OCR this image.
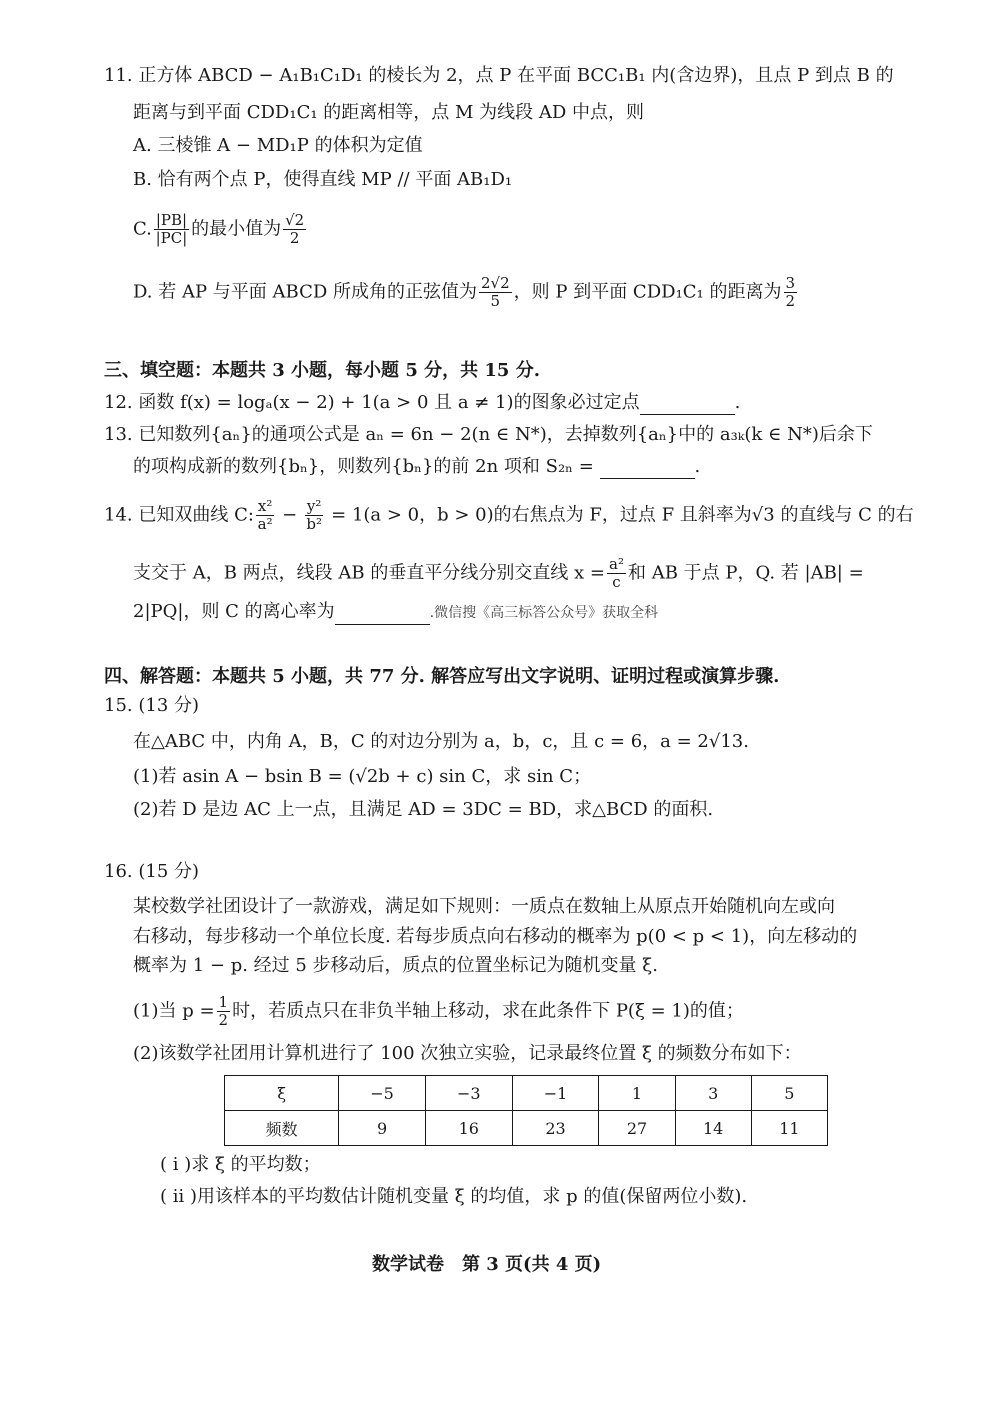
11. 正方体 ABCD − A₁B₁C₁D₁ 的棱长为 2，点 P 在平面 BCC₁B₁ 内(含边界)，且点 P 到点 B 的
距离与到平面 CDD₁C₁ 的距离相等，点 M 为线段 AD 中点，则
A. 三棱锥 A − MD₁P 的体积为定值
B. 恰有两个点 P，使得直线 MP // 平面 AB₁D₁
C. $\frac{|PB|}{|PC|}$ 的最小值为 $\frac{√2}{2}$
D. 若 AP 与平面 ABCD 所成角的正弦值为 $\frac{2√2}{5}$ ，则 P 到平面 CDD₁C₁ 的距离为 $\frac{3}{2}$
三、填空题：本题共 3 小题，每小题 5 分，共 15 分.
12. 函数 f(x) = logₐ(x − 2) + 1(a > 0 且 a ≠ 1)的图象必过定点	.
13. 已知数列{aₙ}的通项公式是 aₙ = 6n − 2(n ∈ N*)，去掉数列{aₙ}中的 a₃ₖ(k ∈ N*)后余下
的项构成新的数列{bₙ}，则数列{bₙ}的前 2n 项和 S₂ₙ =	.
14. 已知双曲线 C: $\frac{\text{x²}}{\text{a²}} - \frac{\text{y²}}{\text{b²}} = 1(a > 0$，b > 0)的右焦点为 F，过点 F 且斜率为√3 的直线与 C 的右
支交于 A，B 两点，线段 AB 的垂直平分线分别交直线 $x = \frac{\text{a²}}{c}$ 和 AB 于点 P，Q. 若 |AB| =
2|PQ|，则 C 的离心率为	.微信搜《高三标答公众号》获取全科
四、解答题：本题共 5 小题，共 77 分. 解答应写出文字说明、证明过程或演算步骤.
15. (13 分)
在△ABC 中，内角 A，B，C 的对边分别为 a，b，c，且 c = 6，a = 2√13.
(1)若 asin A − bsin B = (√2b + c) sin C，求 sin C；
(2)若 D 是边 AC 上一点，且满足 AD = 3DC = BD，求△BCD 的面积.
16. (15 分)
某校数学社团设计了一款游戏，满足如下规则：一质点在数轴上从原点开始随机向左或向
右移动，每步移动一个单位长度. 若每步质点向右移动的概率为 p(0 < p < 1)，向左移动的
概率为 1 − p. 经过 5 步移动后，质点的位置坐标记为随机变量 ξ.
(1)当 $p = \frac{1}{2}$ 时，若质点只在非负半轴上移动，求在此条件下 P(ξ = 1)的值；
(2)该数学社团用计算机进行了 100 次独立实验，记录最终位置 ξ 的频数分布如下：
ξ	−5	−3	−1	1	3	5
频数	9	16	23	27	14	11
( i )求 ξ 的平均数；
( ii )用该样本的平均数估计随机变量 ξ 的均值，求 p 的值(保留两位小数).
数学试卷　第 3 页(共 4 页)
